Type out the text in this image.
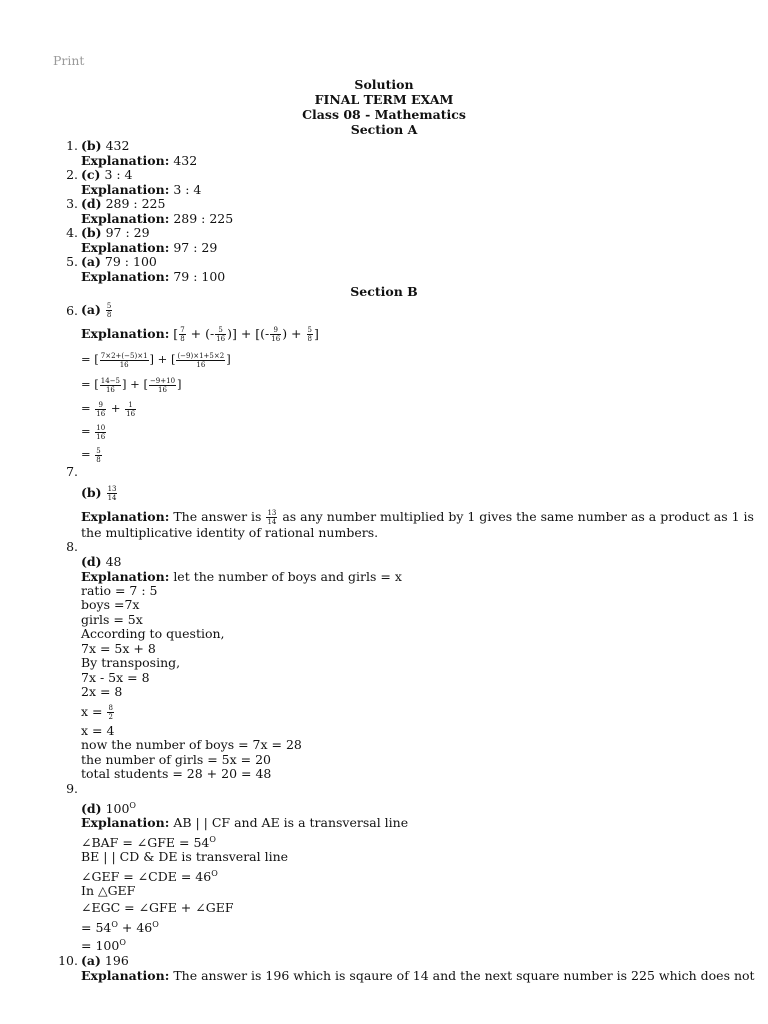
Print
Solution
FINAL TERM EXAM
Class 08 - Mathematics
Section A
1. (b) 432
Explanation: 432
2. (c) 3 : 4
Explanation: 3 : 4
3. (d) 289 : 225
Explanation: 289 : 225
4. (b) 97 : 29
Explanation: 97 : 29
5. (a) 79 : 100
Explanation: 79 : 100
Section B
6. $(a) \frac{5}{8}$
Explanation: [ $\frac{7}{8}$ + (- $\frac{5}{16}$ )] + [(- $\frac{9}{16}$ ) + $\frac{5}{8}$ ]
= [ $\frac{7\times 2+(-5)\times 1}{16}$ ] + [ $\frac{(-9)\times 1+5\times 2}{16}$ ]
= [ $\frac{14-5}{16}$ ] + [ $\frac{-9+10}{16}$ ]
= $\frac{9}{16} + \frac{1}{16}$
= $\frac{10}{16}$
= $\frac{5}{8}$
7.
$(b) \frac{13}{14}$
Explanation: The answer is $\frac{13}{14}$ as any number multiplied by 1 gives the same number as a product as 1 is
the multiplicative identity of rational numbers.
8.
(d) 48
Explanation: let the number of boys and girls = x
ratio = 7 : 5
boys =7x
girls = 5x
According to question,
7x = 5x + 8
By transposing,
7x - 5x = 8
2x = 8
$x = \frac{8}{2}$
x = 4
now the number of boys = 7x = 28
the number of girls = 5x = 20
total students = 28 + 20 = 48
9.
(d) $100^O$
Explanation: AB | | CF and AE is a transversal line
∠BAF = ∠GFE = $54^O$
BE | | CD & DE is transveral line
∠GEF = ∠CDE = $46^O$
In △GEF
∠EGC = ∠GFE + ∠GEF
= $54^O + 46^O$
= $100^O$
10. (a) 196
Explanation: The answer is 196 which is sqaure of 14 and the next square number is 225 which does not
